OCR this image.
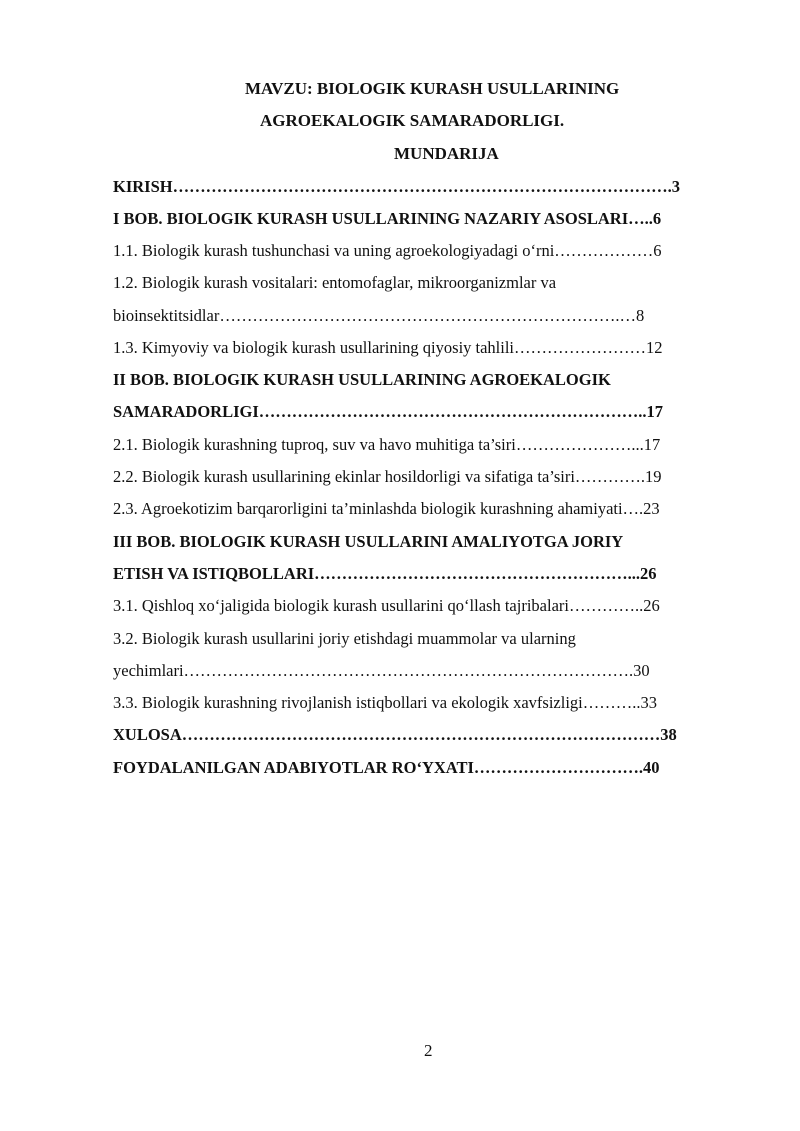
MAVZU: BIOLOGIK KURASH USULLARINING
AGROEKALOGIK SAMARADORLIGI.
MUNDARIJA
KIRISH……………………………………………………………………………….3
I BOB. BIOLOGIK KURASH USULLARINING NAZARIY ASOSLARI…..6
1.1. Biologik kurash tushunchasi va uning agroekologiyadagi o‘rni………………6
1.2. Biologik kurash vositalari: entomofaglar, mikroorganizmlar va
bioinsektitsidlar……………………………………………………………….…8
1.3. Kimyoviy va biologik kurash usullarining qiyosiy tahlili……………………12
II BOB. BIOLOGIK KURASH USULLARINING AGROEKALOGIK
SAMARADORLIGI……………………………………………………………..17
2.1. Biologik kurashning tuproq, suv va havo muhitiga ta’siri…………………...17
2.2. Biologik kurash usullarining ekinlar hosildorligi va sifatiga ta’siri………….19
2.3. Agroekotizim barqarorligini ta’minlashda biologik kurashning ahamiyati….23
III BOB. BIOLOGIK KURASH USULLARINI AMALIYOTGA JORIY
ETISH VA ISTIQBOLLARI…………………………………………………...26
3.1. Qishloq xo‘jaligida biologik kurash usullarini qo‘llash tajribalari…………..26
3.2. Biologik kurash usullarini joriy etishdagi muammolar va ularning
yechimlari……………………………………………………………………….30
3.3. Biologik kurashning rivojlanish istiqbollari va ekologik xavfsizligi………..33
XULOSA……………………………………………………………………………38
FOYDALANILGAN ADABIYOTLAR RO‘YXATI………………………….40
2
